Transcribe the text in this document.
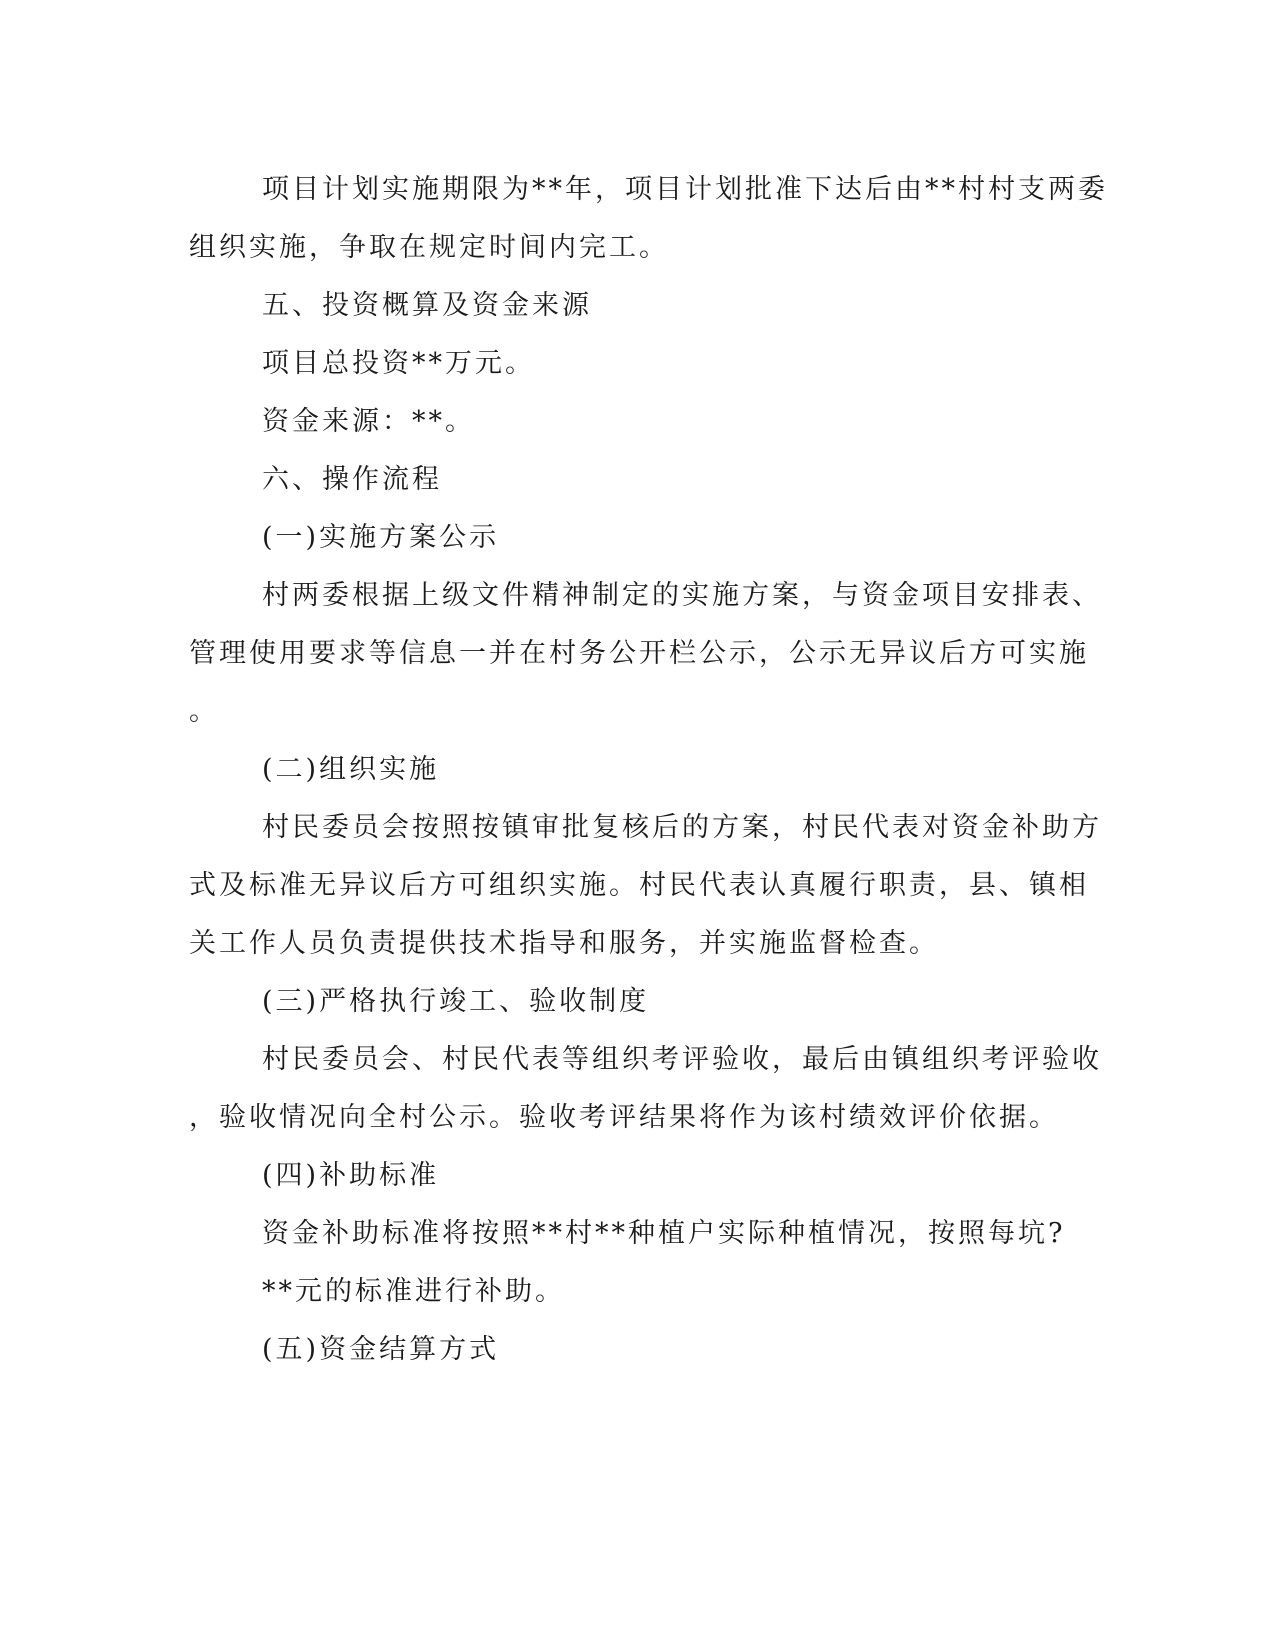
项目计划实施期限为**年，项目计划批准下达后由**村村支两委
组织实施，争取在规定时间内完工。
五、投资概算及资金来源
项目总投资**万元。
资金来源：**。
六、操作流程
(一)实施方案公示
村两委根据上级文件精神制定的实施方案，与资金项目安排表、
管理使用要求等信息一并在村务公开栏公示，公示无异议后方可实施
。
(二)组织实施
村民委员会按照按镇审批复核后的方案，村民代表对资金补助方
式及标准无异议后方可组织实施。村民代表认真履行职责，县、镇相
关工作人员负责提供技术指导和服务，并实施监督检查。
(三)严格执行竣工、验收制度
村民委员会、村民代表等组织考评验收，最后由镇组织考评验收
，验收情况向全村公示。验收考评结果将作为该村绩效评价依据。
(四)补助标准
资金补助标准将按照**村**种植户实际种植情况，按照每坑?
**元的标准进行补助。
(五)资金结算方式
